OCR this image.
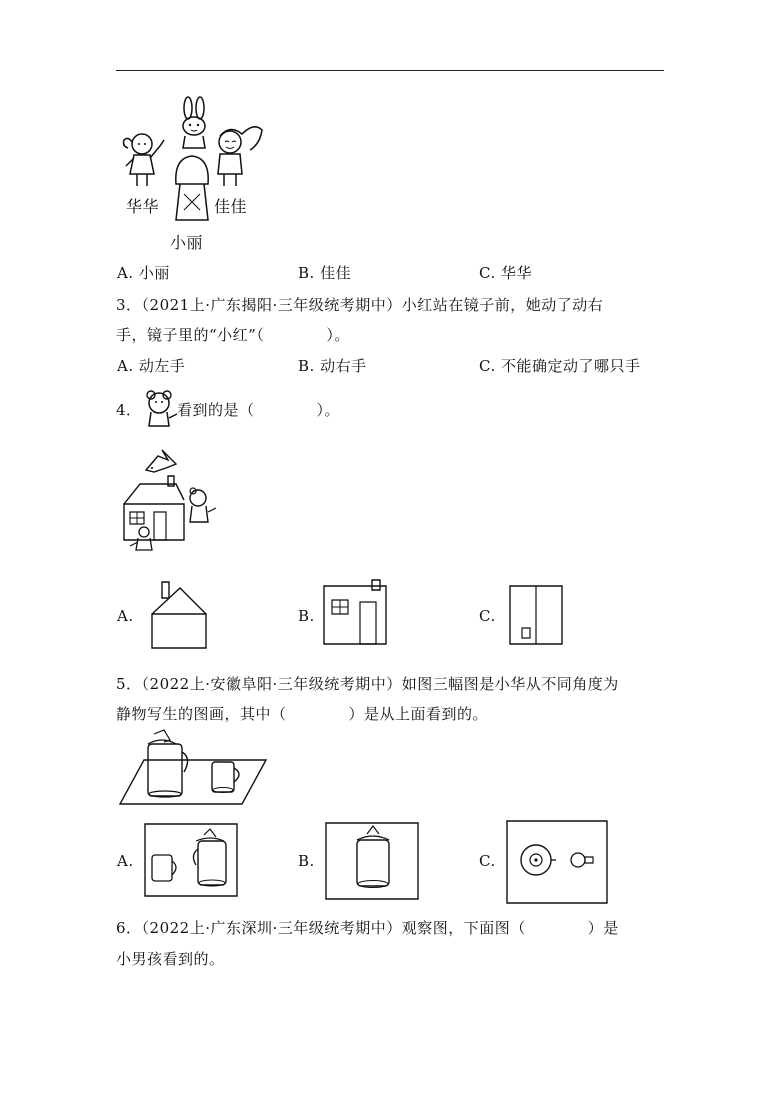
华华	佳佳
小丽
A. 小丽	B. 佳佳	C. 华华
3．（2021上·广东揭阳·三年级统考期中）小红站在镜子前，她动了动右
手，镜子里的“小红”（　　　　）。
A. 动左手	B. 动右手	C. 不能确定动了哪只手
4． 看到的是（　　　　）。
A.	B.	C.
5．（2022上·安徽阜阳·三年级统考期中）如图三幅图是小华从不同角度为
静物写生的图画，其中（　　　　）是从上面看到的。
A.	B.	C.
6．（2022上·广东深圳·三年级统考期中）观察图，下面图（　　　　）是
小男孩看到的。
